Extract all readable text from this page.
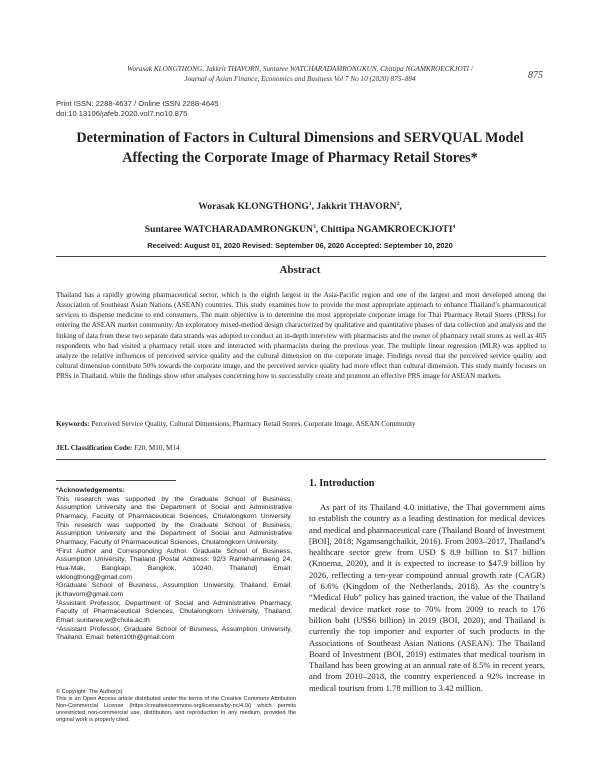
Worasak KLONGTHONG, Jakkrit THAVORN, Suntaree WATCHARADAMRONGKUN, Chittipa NGAMKROECKJOTI /
Journal of Asian Finance, Economics and Business Vol 7 No 10 (2020) 875–884	875
Print ISSN: 2288-4637 / Online ISSN 2288-4645
doi:10.13106/jafeb.2020.vol7.no10.875
Determination of Factors in Cultural Dimensions and SERVQUAL Model
Affecting the Corporate Image of Pharmacy Retail Stores*
Worasak KLONGTHONG$^1$, Jakkrit THAVORN$^2$,
Suntaree WATCHARADAMRONGKUN$^3$, Chittipa NGAMKROECKJOTI$^4$
Received: August 01, 2020 Revised: September 06, 2020 Accepted: September 10, 2020
Abstract
Thailand has a rapidly growing pharmaceutical sector, which is the eighth largest in the Asia-Pacific region and one of the largest and most developed among the Association of Southeast Asian Nations (ASEAN) countries. This study examines how to provide the most appropriate approach to enhance Thailand’s pharmaceutical services to dispense medicine to end consumers. The main objective is to determine the most appropriate corporate image for Thai Pharmacy Retail Stores (PRSs) for entering the ASEAN market community. An exploratory mixed-method design characterized by qualitative and quantitative phases of data collection and analysis and the linking of data from these two separate data strands was adopted to conduct an in-depth interview with pharmacists and the owner of pharmacy retail stores as well as 405 respondents who had visited a pharmacy retail store and interacted with pharmacists during the previous year. The multiple linear regression (MLR) was applied to analyze the relative influences of perceived service quality and the cultural dimension on the corporate image. Findings reveal that the perceived service quality and cultural dimension contribute 50% towards the corporate image, and the perceived service quality had more effect than cultural dimension. This study mainly focuses on PRSs in Thailand, while the findings show other analyses concerning how to successfully create and promote an effective PRS image for ASEAN markets.
Keywords: Perceived Service Quality, Cultural Dimensions, Pharmacy Retail Stores, Corporate Image, ASEAN Community
JEL Classification Code: F20, M10, M14

*Acknowledgements:

This research was supported by the Graduate School of Business, Assumption University and the Department of Social and Administrative Pharmacy, Faculty of Pharmaceutical Sciences, Chulalongkorn University. This research was supported by the Graduate School of Business, Assumption University and the Department of Social and Administrative Pharmacy, Faculty of Pharmaceutical Sciences, Chulalongkorn University.

¹First Author and Corresponding Author. Graduate School of Business, Assumption University, Thailand [Postal Address: 92/3 Ramkhamhaeng 24, Hua-Mak, Bangkapi, Bangkok, 10240, Thailand] Email: wklongthong@gmail.com

²Graduate School of Business, Assumption University, Thailand. Email: jk.thavorn@gmail.com

³Assistant Professor, Department of Social and Administrative Pharmacy, Faculty of Pharmaceutical Sciences, Chulalongkorn University, Thailand. Email: suntaree.w@chula.ac.th

⁴Assistant Professor, Graduate School of Business, Assumption University, Thailand. Email: helen10th@gmail.com

© Copyright: The Author(s)

This is an Open Access article distributed under the terms of the Creative Commons Attribution Non-Commercial License (https://creativecommons.org/licenses/by-nc/4.0/) which permits unrestricted non-commercial use, distribution, and reproduction in any medium, provided the original work is properly cited.

1. Introduction
As part of its Thailand 4.0 initiative, the Thai government aims to establish the country as a leading destination for medical devices and medical and pharmaceutical care (Thailand Board of Investment [BOI], 2018; Ngamsangchaikit, 2016). From 2003–2017, Thailand’s healthcare sector grew from USD $ 8.9 billion to $17 billion (Knoema, 2020), and it is expected to increase to $47.9 billion by 2026, reflecting a ten-year compound annual growth rate (CAGR) of 6.6% (Kingdom of the Netherlands, 2018). As the country’s “Medical Hub” policy has gained traction, the value of the Thailand medical device market rose to 70% from 2009 to reach to 176 billion baht (US$6 billion) in 2019 (BOI, 2020), and Thailand is currently the top importer and exporter of such products in the Associations of Southeast Asian Nations (ASEAN). The Thailand Board of Investment (BOI, 2019) estimates that medical tourism in Thailand has been growing at an annual rate of 8.5% in recent years, and from 2010–2018, the country experienced a 92% increase in medical tourism from 1.78 million to 3.42 million.
